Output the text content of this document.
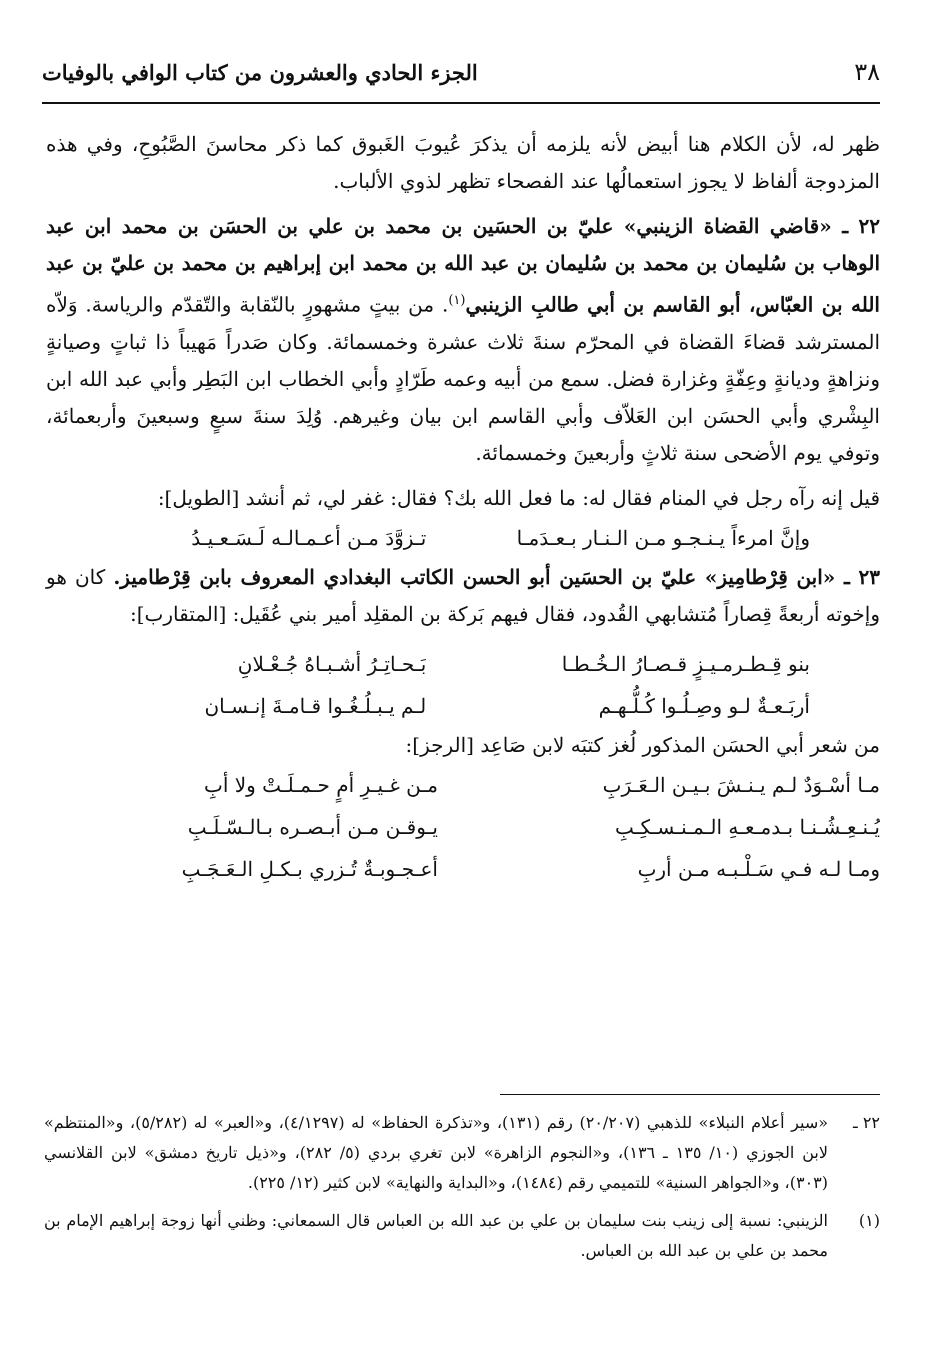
٣٨
الجزء الحادي والعشرون من كتاب الوافي بالوفيات

ظهر له، لأن الكلام هنا أبيض لأنه يلزمه أن يذكرَ عُيوبَ الغَبوق كما ذكر محاسنَ الصَّبُوحِ، وفي هذه المزدوجة ألفاظ لا يجوز استعمالُها عند الفصحاء تظهر لذوي الألباب.

٢٢ ـ «قاضي القضاة الزينبي» عليّ بن الحسَين بن محمد بن علي بن الحسَن بن محمد ابن عبد الوهاب بن سُليمان بن محمد بن سُليمان بن عبد الله بن محمد ابن إبراهيم بن محمد بن عليّ بن عبد الله بن العبّاس، أبو القاسم بن أبي طالبِ الزينبي$^{(١)}$. من بيتٍ مشهورٍ بالنّقابة والتّقدّم والرياسة. وَلاّه المسترشد قضاءَ القضاة في المحرّم سنةَ ثلاث عشرة وخمسمائة. وكان صَدراً مَهيباً ذا ثباتٍ وصيانةٍ ونزاهةٍ وديانةٍ وعِفّةٍ وغزارة فضل. سمع من أبيه وعمه طَرّادٍ وأبي الخطاب ابن البَطِر وأبي عبد الله ابن البِشْري وأبي الحسَن ابن العَلاّف وأبي القاسم ابن بيان وغيرهم. وُلِدَ سنةَ سبعٍ وسبعينَ وأربعمائة، وتوفي يوم الأضحى سنة ثلاثٍ وأربعينَ وخمسمائة.

قيل إنه رآه رجل في المنام فقال له: ما فعل الله بك؟ فقال: غفر لي، ثم أنشد [الطويل]:

وإنَّ امرءاً يـنـجـو مـن الـنـار بـعـدَمـا
تـزوَّدَ مـن أعـمـالـه لَـسَـعـيـدُ

٢٣ ـ «ابن قِرْطامِيز» عليّ بن الحسَين أبو الحسن الكاتب البغدادي المعروف بابن قِرْطاميز. كان هو وإخوته أربعةً قِصاراً مُتشابهي القُدود، فقال فيهم بَركة بن المقلِد أمير بني عُقَيل: [المتقارب]:

بنو قِـطـرمـيـزٍ قـصـارُ الـخُـطـا
بَـحـاتِـرُ أشـبـاهُ جُـعْـلانِ
أربَـعـةٌ لـو وصِـلُـوا كُـلُّـهـم
لـم يـبـلُـغُـوا قـامـةَ إنـسـان

من شعر أبي الحسَن المذكور لُغز كتبَه لابن صَاعِد [الرجز]:

مـا أسْـوَدٌ لـم يـنـشَ بـيـن الـعَـرَبِ
مـن غـيـرِ أمٍ حـمـلَـتْ ولا أبِ
يُـنـعِـشُـنـا بـدمـعـهِ الـمـنـسـكِـبِ
يـوقـن مـن أبـصـره بـالـسّـلَـبِ
ومـا لـه فـي سَـلْـبـه مـن أربِ
أعـجـوبـةٌ تُـزري بـكـلِ الـعَـجَـبِ
٢٢ ـ
«سير أعلام النبلاء» للذهبي (٢٠/٢٠٧) رقم (١٣١)، و«تذكرة الحفاظ» له (٤/١٢٩٧)، و«العبر» له (٥/٢٨٢)، و«المنتظم» لابن الجوزي (١٠/ ١٣٥ ـ ١٣٦)، و«النجوم الزاهرة» لابن تغري بردي (٥/ ٢٨٢)، و«ذيل تاريخ دمشق» لابن القلانسي (٣٠٣)، و«الجواهر السنية» للتميمي رقم (١٤٨٤)، و«البداية والنهاية» لابن كثير (١٢/ ٢٢٥).
(١)
الزينبي: نسبة إلى زينب بنت سليمان بن علي بن عبد الله بن العباس قال السمعاني: وظني أنها زوجة إبراهيم الإمام بن محمد بن علي بن عبد الله بن العباس.
